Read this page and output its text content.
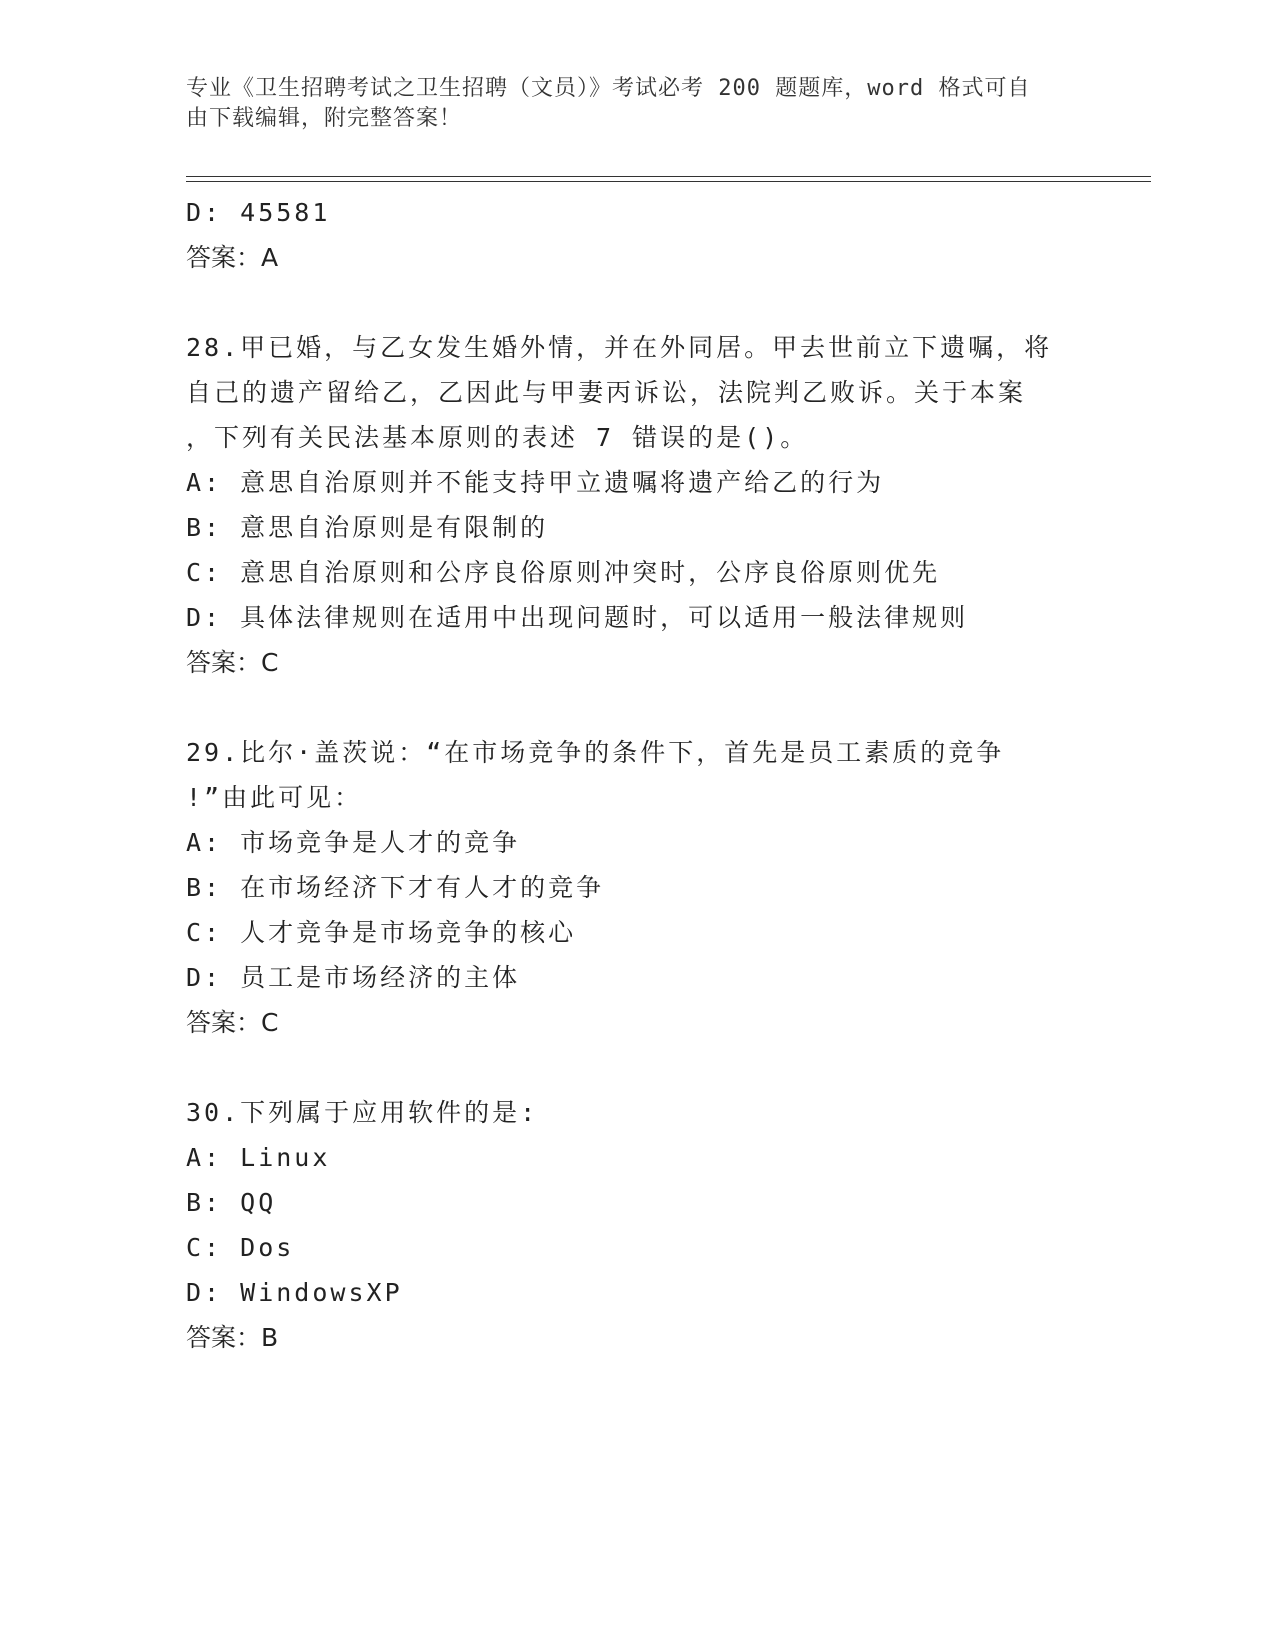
专业《卫生招聘考试之卫生招聘（文员）》考试必考 200 题题库，word 格式可自
由下载编辑，附完整答案！
D: 45581
答案：A
28.甲已婚，与乙女发生婚外情，并在外同居。甲去世前立下遗嘱，将
自己的遗产留给乙，乙因此与甲妻丙诉讼，法院判乙败诉。关于本案
，下列有关民法基本原则的表述 7 错误的是()。
A: 意思自治原则并不能支持甲立遗嘱将遗产给乙的行为
B: 意思自治原则是有限制的
C: 意思自治原则和公序良俗原则冲突时，公序良俗原则优先
D: 具体法律规则在适用中出现问题时，可以适用一般法律规则
答案：C
29.比尔·盖茨说：“在市场竞争的条件下，首先是员工素质的竞争
!”由此可见：
A: 市场竞争是人才的竞争
B: 在市场经济下才有人才的竞争
C: 人才竞争是市场竞争的核心
D: 员工是市场经济的主体
答案：C
30.下列属于应用软件的是:
A: Linux
B: QQ
C: Dos
D: WindowsXP
答案：B
